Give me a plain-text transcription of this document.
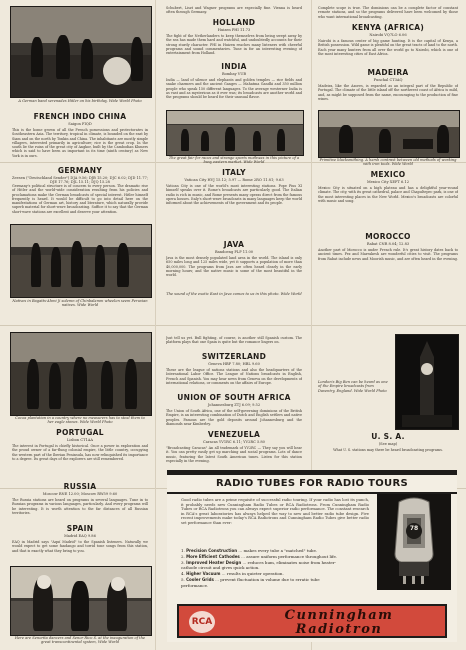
A German band serenades Hitler on his birthday. Wide World Photo
FRENCH INDO CHINA
Saigon FIQD
This is the home grown of all the French possessions and protectorates in Southeastern Asia. The territory, tropical in climate, is bounded on the east by Siam and on the north by Tonkin and China. The inhabitants are mostly simple villagers, interested primarily in agriculture; rice is the great crop. In the south lie the ruins of the great city of Angkor, built by the Cambodian Khmers which is said to have been as important in its time (ninth century) as New York is in ours.
GERMANY
Zeesen ("Deutschland Sender") DJA 9.56; DJB 15.20; DJC 6.02; DJD 11.77; DJE 17.76; DJL 15.11; DJQ 15.28
Germany's political structure is of concern to every person. The dramatic rise of Hitler and the world-wide consideration resulting from his policies and proclamations make the German broadcasts of special interest. Hitler himself frequently is heard. It would be difficult to go into detail here on the manifestations of German art, history and literature, which naturally provide superb material for short-wave broadcasting. Suffice it to say that the German short-wave stations are excellent and deserve your attention.
Natives in Bagatts-Ahmi Ji solemn of Chinbalamm wheelen seem Peruvian natives. Wide World
Cocoa plantation in a country where no measurers has to steal them to her eagle stones. Wide World Photo
PORTUGAL
Lisbon CT1AA
The interest in Portugal is chiefly historical. Once a power in exploration and the proud owner of a far-flung colonial empire, the little country, occupying the western part of the Iberian Peninsula, has now relinquished its importance to a degree. Its great days of the explorers are still remembered.
RUSSIA
Moscow RNE 12.00; Moscow RW59 9.60
The Russia stations are heard on programs in several languages. Tune in to Russian programs in various languages, particularly. And every programs will be interesting. It is worth attention to the far distances of all Russian territories.
SPAIN
Madrid EAQ 9.86
EAQ in Madrid says "Aquí Madrid" to the Spanish listeners. Naturally we would expect to get some fandango and torrid tone songs from this station, and that is exactly what they bring to you.
Here are Senorita dancers and Senor Rico S. at the inauguration of the great transcontinental system, Wide World
Schubert, Liszt and Wagner programs are especially fine. Vienna is heard often through Germany.
HOLLAND
Huizen PHI 11.73
The fight of the Netherlanders to keep themselves from being swept away by the sea has made them hard and watchful, and undoubtedly accounts for their strong sturdy character. PHI in Huizen reaches many listeners with cheerful programs and sound commentaries. Tune in for an interesting evening of entertainment from Holland.
INDIA
Bombay VUB
India — land of silence and elephants and golden temples — rice fields and snake charmers and the ancient Ganges — Mahatma Gandhi and 350 million people who speak 150 different languages. To the average westerner India is as vast and as mysterious as it ever was; its broadcasts are another world and the programs should be heard for their unusual flavor.
The great fair for races and strange sports mothwax in this picture of a busy eastern market. Wide World
ITALY
Vatican City HVJ 15.12; 5.97 — Rome 2RO 11.81; 9.63
Vatican City is one of the world's most interesting stations. Pope Pius XI himself speaks over it. Rome's broadcasts are particularly good. The Italian radio is rich in music, and Rome presents many operas direct from the famous opera houses. Italy's short-wave broadcasts in many languages keep the world informed about the achievements of the government and its people.
JAVA
Bandoeng PLP 11.00
Java is the most densely populated land area in the world. The island is only 650 miles long and 125 miles wide, yet it supports a population of more than 40,000,000. The programs from Java are often heard clearly in the early morning hours; and the native music is some of the most beautiful in the world.
The sound of the exotic East in Java comes to us in this photo. Wide World
Just tell us yet. Bull fighting, of course, is another still Spanish custom. The platform plays that one Spain is quite but the romance lingers on.
SWITZERLAND
Geneva HBP 7.80; HBL 9.60
These are the league of nations stations and also the headquarters of the International Labor Office. The League of Nations broadcasts in English, French and Spanish. You may hear news from Geneva on the developments of international relations, or comments on the affairs of Europe.
UNION OF SOUTH AFRICA
Johannesburg ZTJ 6.09; 9.52
The Union of South Africa, one of the self-governing dominions of the British Empire, is an interesting combination of Dutch and English settlers and native peoples. Famous are the gold deposits around Johannesburg and the diamonds near Kimberley.
VENEZUELA
Caracas YV1RC 6.11; YV2RC 5.80
"Broadcasting Caracas" An all trademark of YV2RC — They say you will hear it. You can pretty easily get up marching and social programs. Lots of dance music, featuring the latest South American tunes. Listen for this station especially in the evening.
Complete scope is true. The dominions can be a complete factor of constant remote stations, and so the programs delivered have been welcomed by those who want international broadcasting.
KENYA (AFRICA)
Nairobi VQ7LO 6.06
Nairobi is a famous center of big game hunting. It is the capital of Kenya, a British possession. Wild game is plentiful on the great tracts of land to the north. Each year many hunters from all over the world go to Nairobi, which is one of the most interesting cities of East Africa.
MADEIRA
Funchal CT3AQ
Madeira, like the Azores, is regarded as an integral part of the Republic of Portugal. The climate of the little island off the northwest coast of Africa is mild, and, as might be supposed from the name, encouraging to the production of fine wines.
Primitive blacksmithing. A harsh contrast between old methods of working with iron tools. Wide World
MEXICO
Mexico City XEFT 6.12
Mexico City is situated on a high plateau and has a delightful year-round climate. The city, with its great cathedral, palace and Chapultepec park, is one of the most interesting places in the New World. Mexico's broadcasts are colorful with music and song.
MOROCCO
Rabat CNR 8.04; 12.83
Another part of Morocco is under French rule. It's great history dates back to ancient times. Fez and Marrakesh are wonderful cities to visit. The programs from Rabat include news and Moorish music, and are often heard in the evening.
London's Big Ben can be heard as one of the Empire broadcasts from Daventry, England. Wide World Photo
U. S. A.
(See map)
What U. S. stations may there be heard broadcasting programs.
RADIO TUBES FOR RADIO TOURS
Good radio tubes are a prime requisite of successful radio touring. If your radio has lost its punch, it probably needs new Cunningham Radio Tubes or RCA Radiotrons. From Cunningham Radio Tubes or RCA Radiotrons you can always expect superior radio performance. The constant research in RCA's great laboratories has always helped the way to new and better radio tube design. Five recent improvements make today's RCA Radiotrons and Cunningham Radio Tubes give better radio set performance than ever:
1. Precision Construction ... makes every tube a "matched" tube.
2. More Efficient Cathodes ... assure uniform performance throughout life.
3. Improved Heater Design ... reduces hum, eliminates noise from heater-cathode circuit and gives quick action.
4. Higher Vacuum ... results in quieter operation.
5. Cooler Grids ... prevent fluctuation in volume due to erratic tube performance.
78
RCA	Cunningham
Radiotron
